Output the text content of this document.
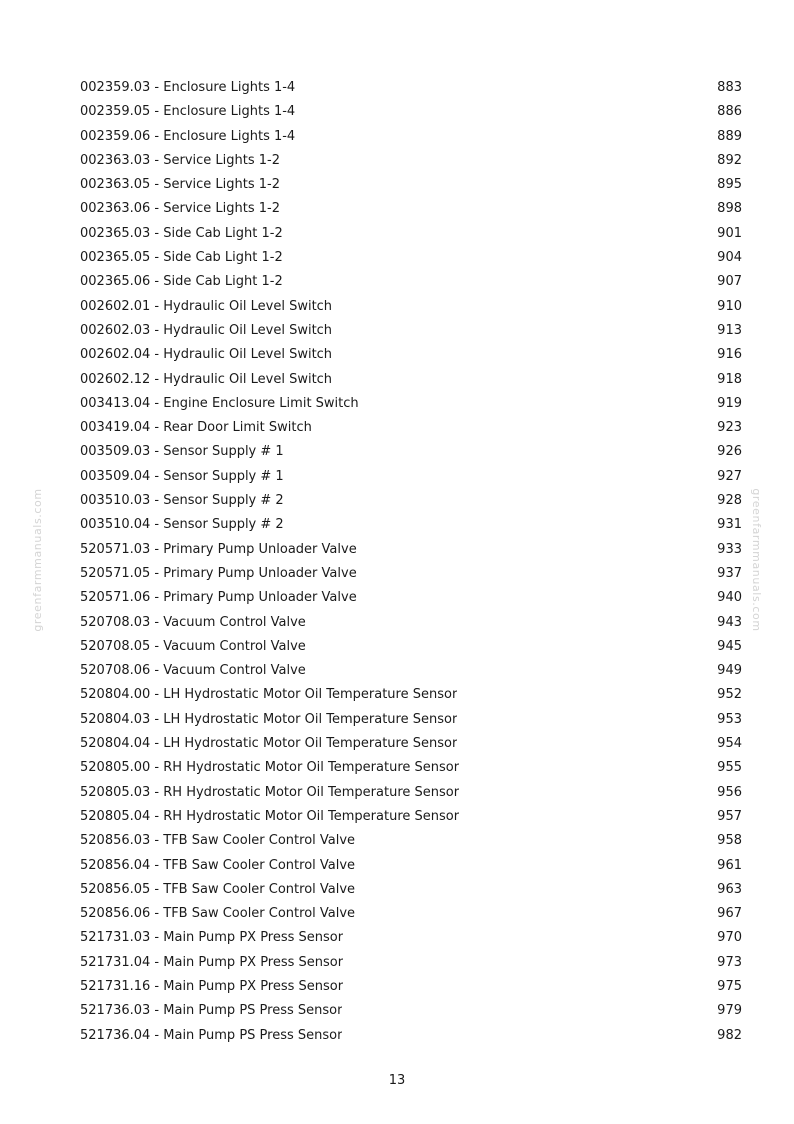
greenfarmmanuals.com	greenfarmmanuals.com
002359.03 - Enclosure Lights 1-4	883
002359.05 - Enclosure Lights 1-4	886
002359.06 - Enclosure Lights 1-4	889
002363.03 - Service Lights 1-2	892
002363.05 - Service Lights 1-2	895
002363.06 - Service Lights 1-2	898
002365.03 - Side Cab Light 1-2	901
002365.05 - Side Cab Light 1-2	904
002365.06 - Side Cab Light 1-2	907
002602.01 - Hydraulic Oil Level Switch	910
002602.03 - Hydraulic Oil Level Switch	913
002602.04 - Hydraulic Oil Level Switch	916
002602.12 - Hydraulic Oil Level Switch	918
003413.04 - Engine Enclosure Limit Switch	919
003419.04 - Rear Door Limit Switch	923
003509.03 - Sensor Supply # 1	926
003509.04 - Sensor Supply # 1	927
003510.03 - Sensor Supply # 2	928
003510.04 - Sensor Supply # 2	931
520571.03 - Primary Pump Unloader Valve	933
520571.05 - Primary Pump Unloader Valve	937
520571.06 - Primary Pump Unloader Valve	940
520708.03 - Vacuum Control Valve	943
520708.05 - Vacuum Control Valve	945
520708.06 - Vacuum Control Valve	949
520804.00 - LH Hydrostatic Motor Oil Temperature Sensor	952
520804.03 - LH Hydrostatic Motor Oil Temperature Sensor	953
520804.04 - LH Hydrostatic Motor Oil Temperature Sensor	954
520805.00 - RH Hydrostatic Motor Oil Temperature Sensor	955
520805.03 - RH Hydrostatic Motor Oil Temperature Sensor	956
520805.04 - RH Hydrostatic Motor Oil Temperature Sensor	957
520856.03 - TFB Saw Cooler Control Valve	958
520856.04 - TFB Saw Cooler Control Valve	961
520856.05 - TFB Saw Cooler Control Valve	963
520856.06 - TFB Saw Cooler Control Valve	967
521731.03 - Main Pump PX Press Sensor	970
521731.04 - Main Pump PX Press Sensor	973
521731.16 - Main Pump PX Press Sensor	975
521736.03 - Main Pump PS Press Sensor	979
521736.04 - Main Pump PS Press Sensor	982
13
